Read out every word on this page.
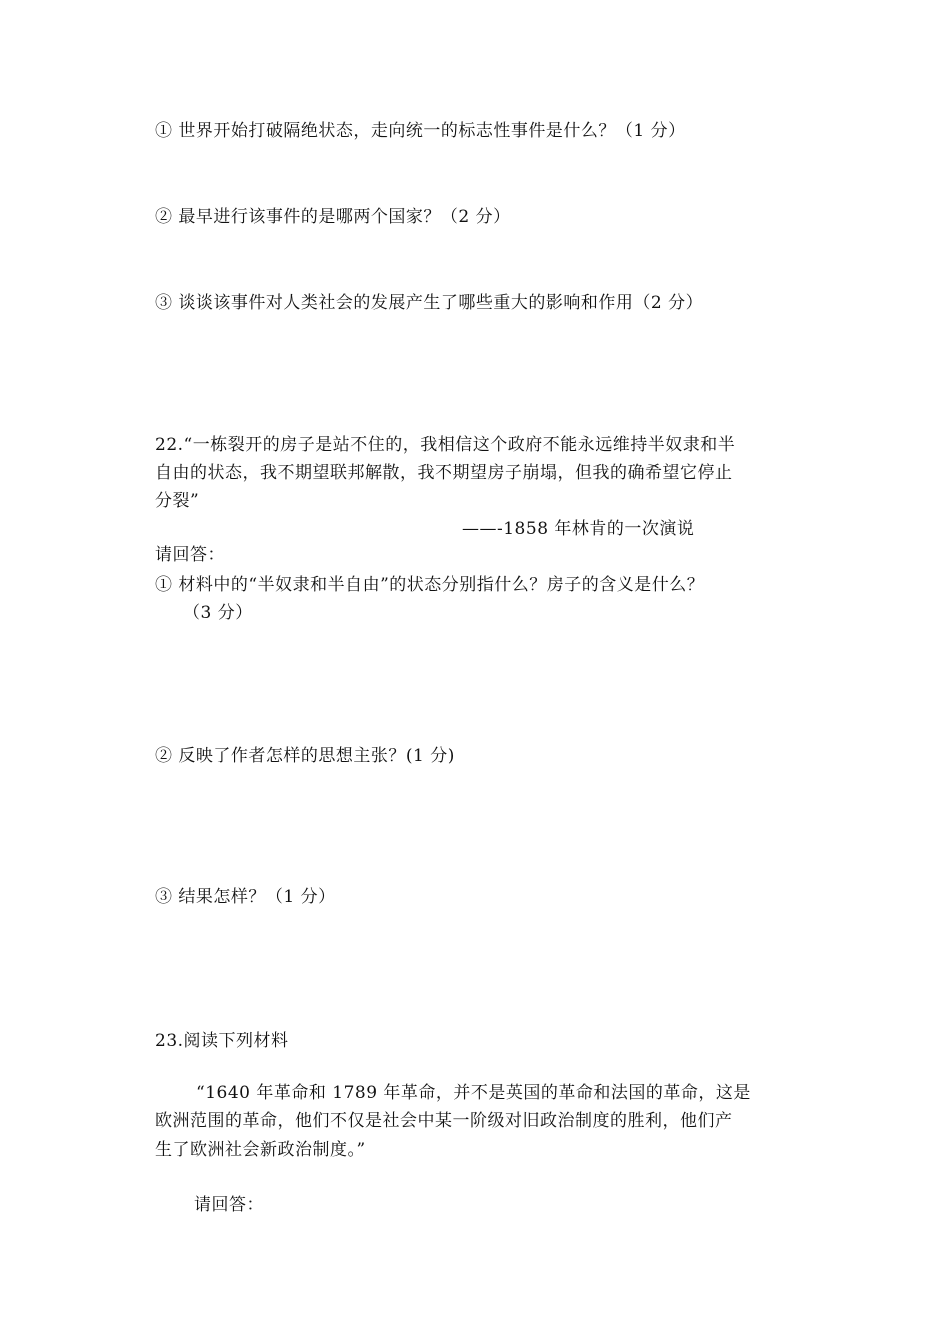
① 世界开始打破隔绝状态，走向统一的标志性事件是什么？（1 分）
② 最早进行该事件的是哪两个国家？（2 分）
③ 谈谈该事件对人类社会的发展产生了哪些重大的影响和作用（2 分）
22.“一栋裂开的房子是站不住的，我相信这个政府不能永远维持半奴隶和半
自由的状态，我不期望联邦解散，我不期望房子崩塌，但我的确希望它停止
分裂”
——-1858 年林肯的一次演说
请回答：
① 材料中的“半奴隶和半自由”的状态分别指什么？房子的含义是什么？
（3 分）
② 反映了作者怎样的思想主张？(1 分)
③ 结果怎样？（1 分）
23.阅读下列材料
“1640 年革命和 1789 年革命，并不是英国的革命和法国的革命，这是
欧洲范围的革命，他们不仅是社会中某一阶级对旧政治制度的胜利，他们产
生了欧洲社会新政治制度。”
请回答：
